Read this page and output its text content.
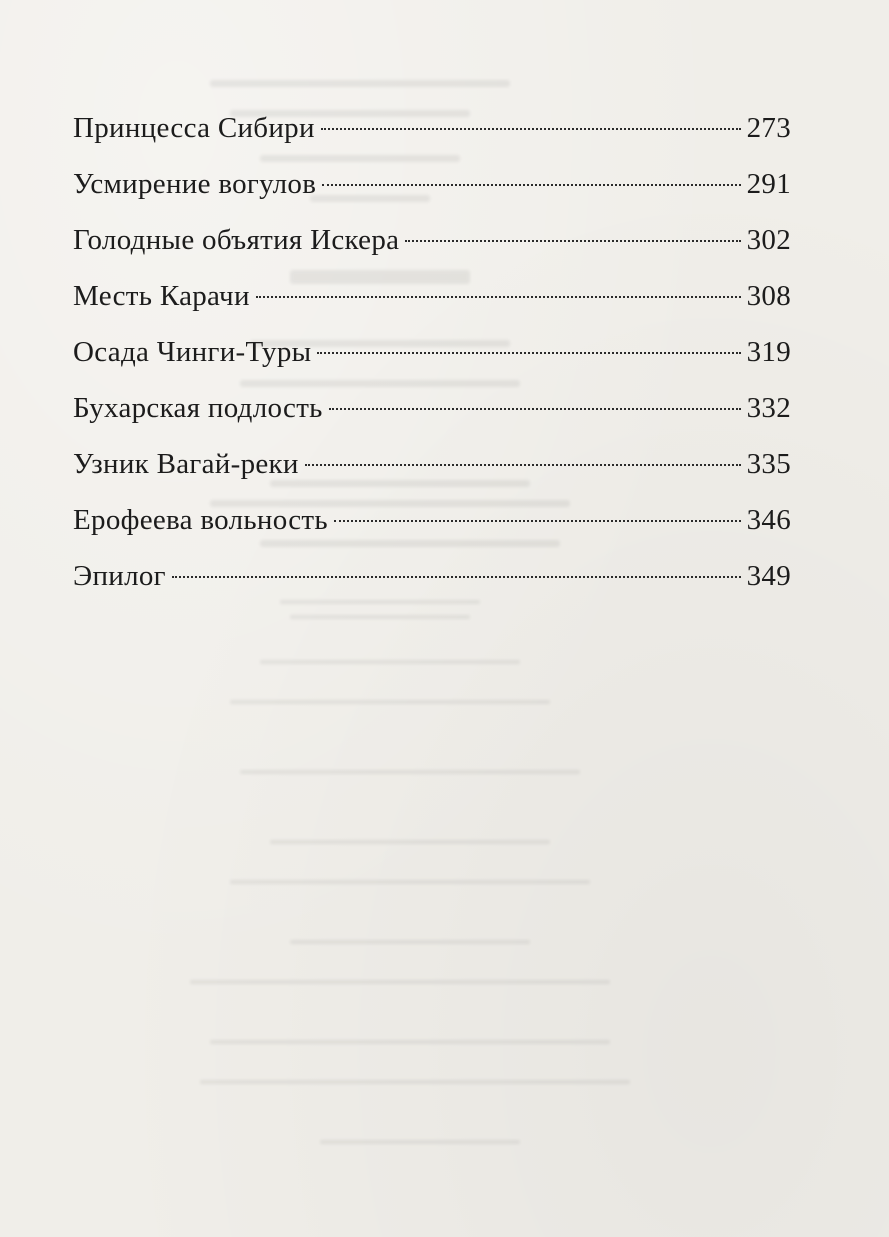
Принцесса Сибири	273
Усмирение вогулов	291
Голодные объятия Искера	302
Месть Карачи	308
Осада Чинги-Туры	319
Бухарская подлость	332
Узник Вагай-реки	335
Ерофеева вольность	346
Эпилог	349
